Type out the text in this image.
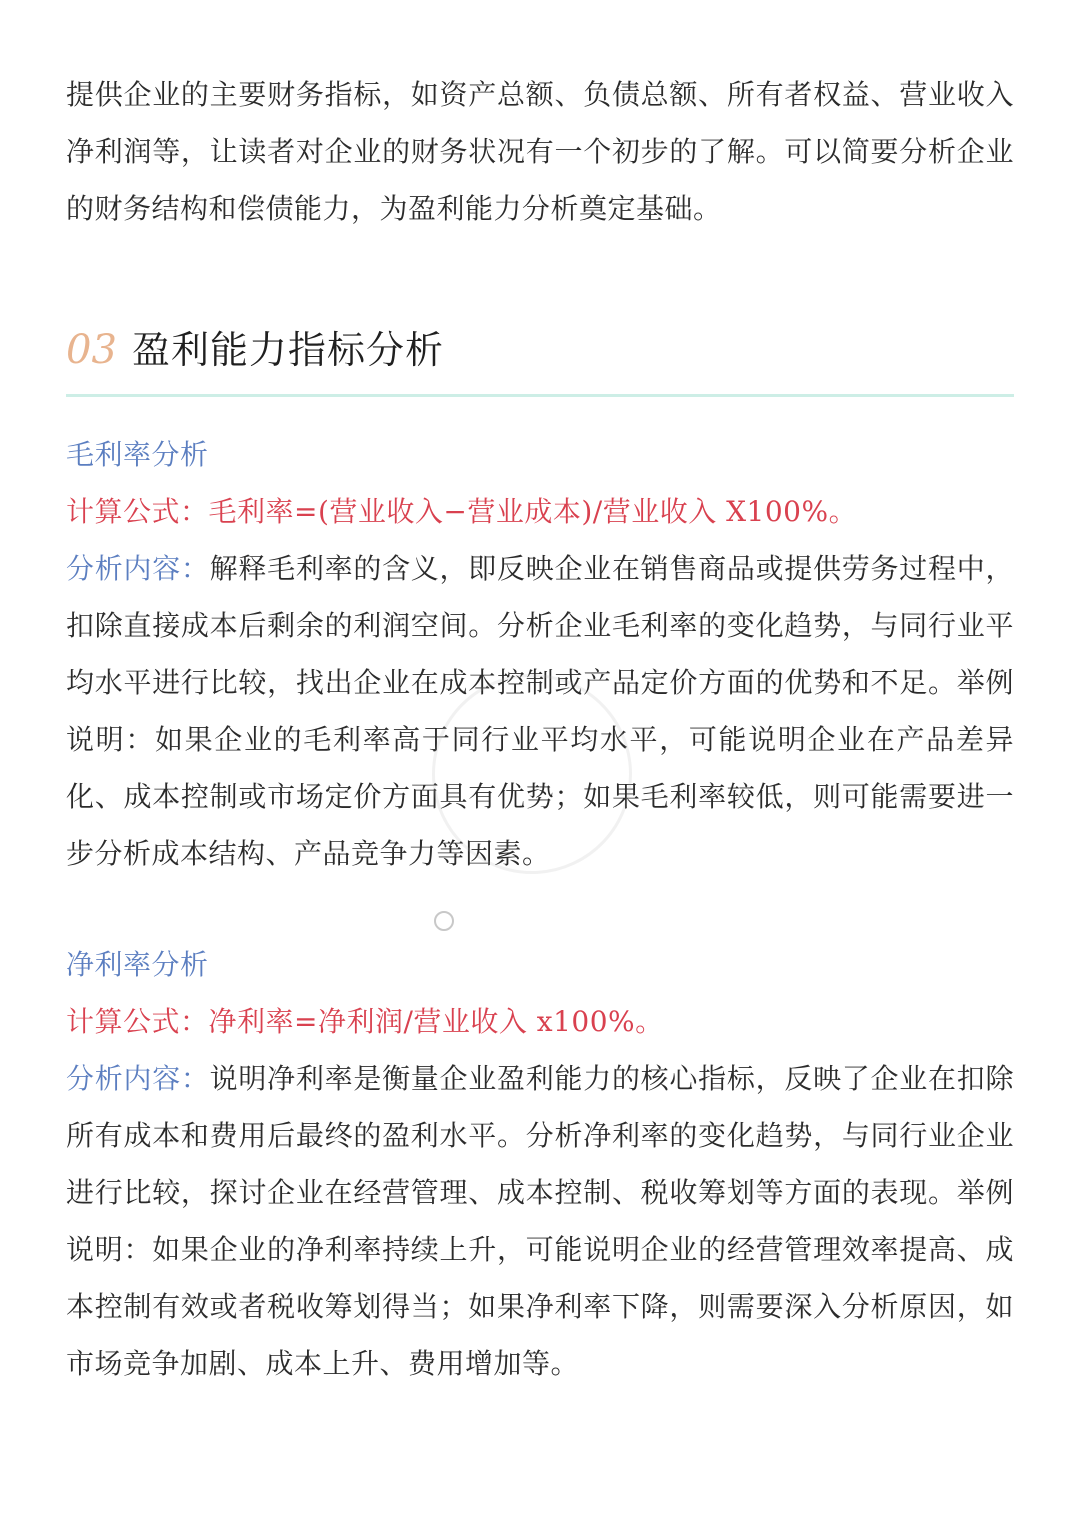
提供企业的主要财务指标，如资产总额、负债总额、所有者权益、营业收入净利润等，让读者对企业的财务状况有一个初步的了解。可以简要分析企业的财务结构和偿债能力，为盈利能力分析奠定基础。

03 盈利能力指标分析

毛利率分析

计算公式：毛利率=(营业收入−营业成本)/营业收入 X100%。

分析内容：解释毛利率的含义，即反映企业在销售商品或提供劳务过程中，扣除直接成本后剩余的利润空间。分析企业毛利率的变化趋势，与同行业平均水平进行比较，找出企业在成本控制或产品定价方面的优势和不足。举例说明：如果企业的毛利率高于同行业平均水平，可能说明企业在产品差异化、成本控制或市场定价方面具有优势；如果毛利率较低，则可能需要进一步分析成本结构、产品竞争力等因素。

净利率分析

计算公式：净利率=净利润/营业收入 x100%。

分析内容：说明净利率是衡量企业盈利能力的核心指标，反映了企业在扣除所有成本和费用后最终的盈利水平。分析净利率的变化趋势，与同行业企业进行比较，探讨企业在经营管理、成本控制、税收筹划等方面的表现。举例说明：如果企业的净利率持续上升，可能说明企业的经营管理效率提高、成本控制有效或者税收筹划得当；如果净利率下降，则需要深入分析原因，如市场竞争加剧、成本上升、费用增加等。
